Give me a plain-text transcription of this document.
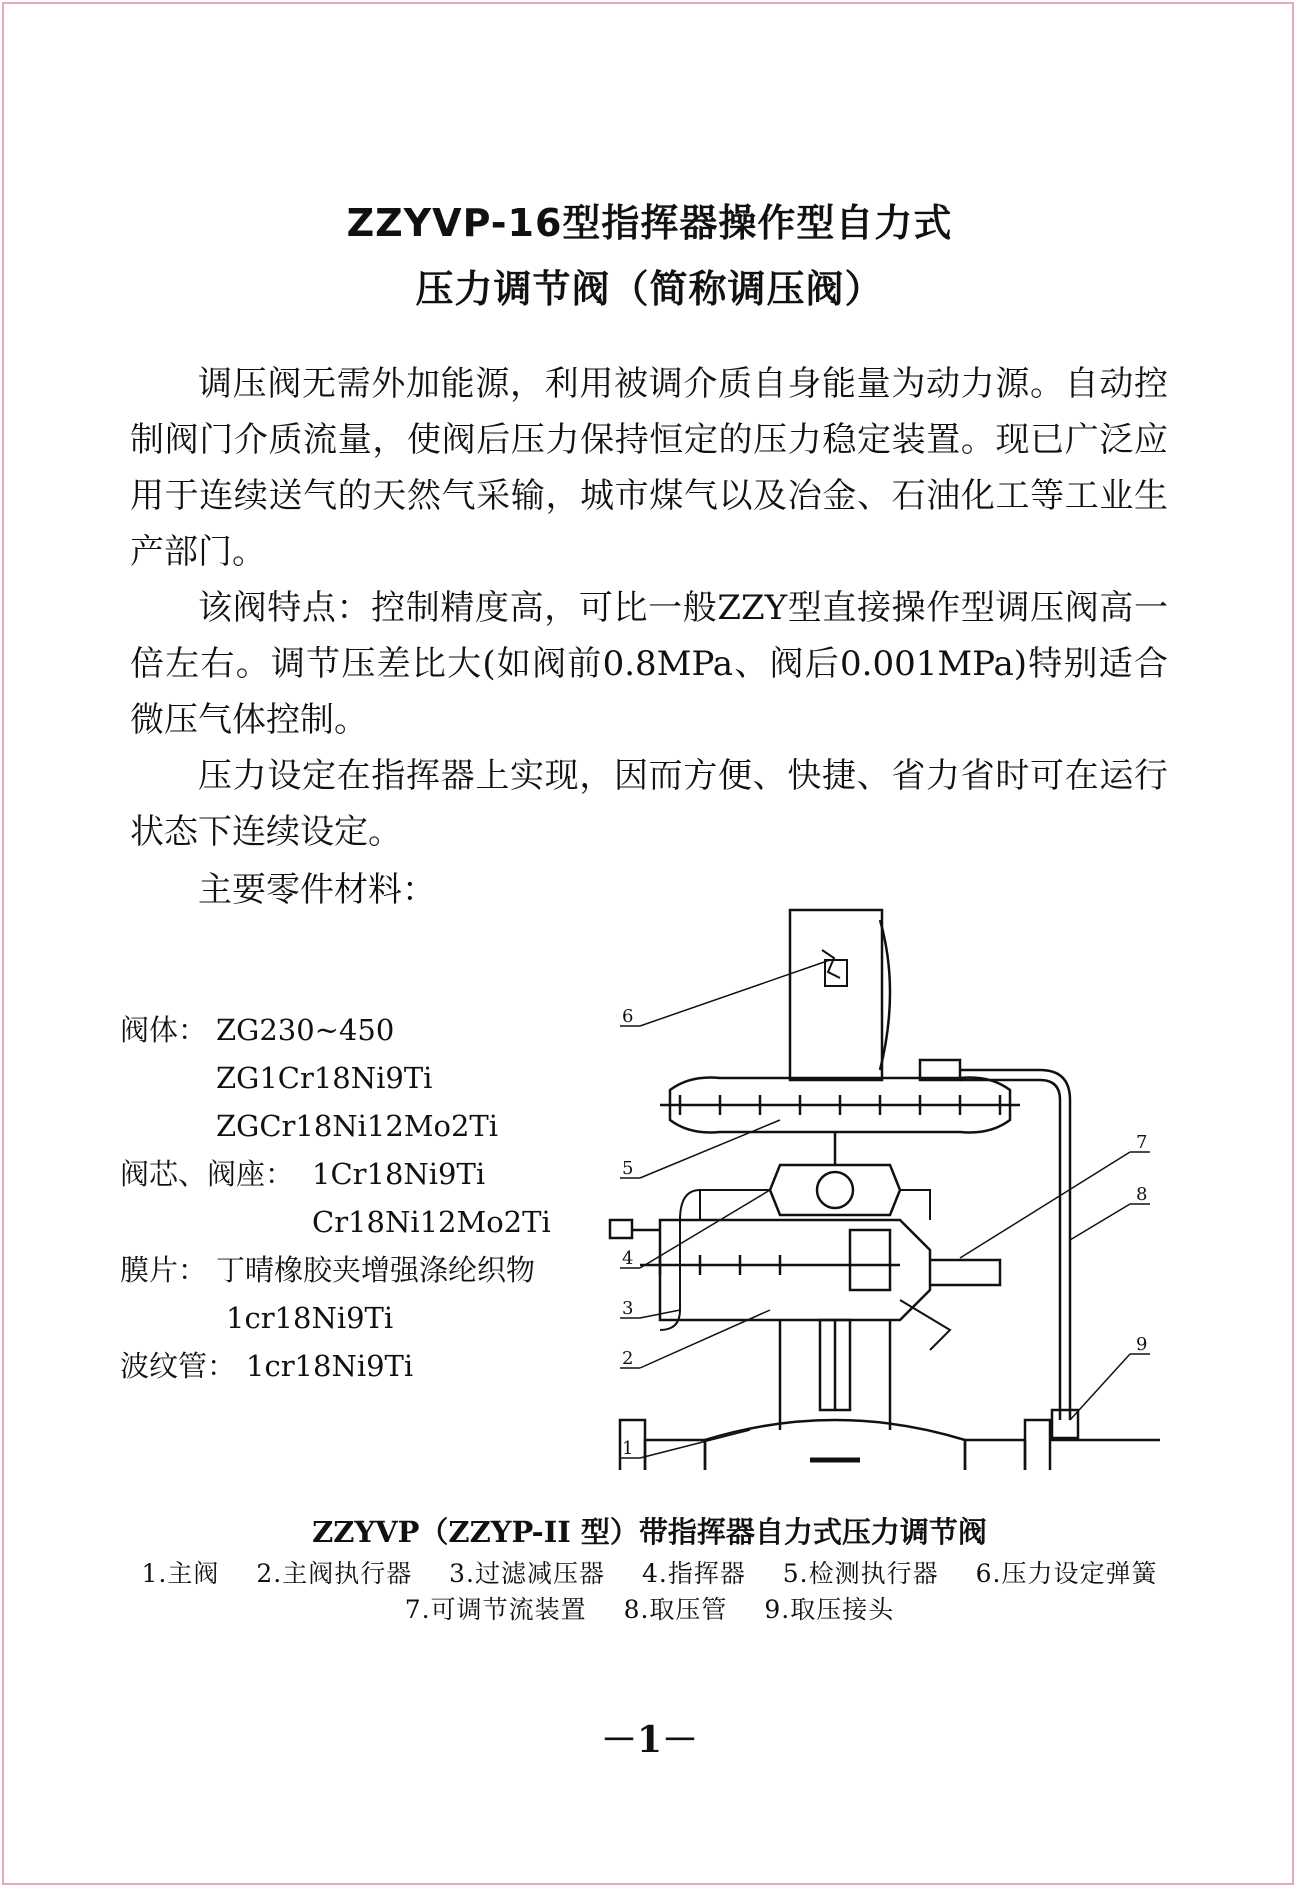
ZZYVP-16型指挥器操作型自力式
压力调节阀（简称调压阀）

调压阀无需外加能源，利用被调介质自身能量为动力源。自动控制阀门介质流量，使阀后压力保持恒定的压力稳定装置。现已广泛应用于连续送气的天然气采输，城市煤气以及冶金、石油化工等工业生产部门。

该阀特点：控制精度高，可比一般ZZY型直接操作型调压阀高一倍左右。调节压差比大(如阀前0.8MPa、阀后0.001MPa)特别适合微压气体控制。

压力设定在指挥器上实现，因而方便、快捷、省力省时可在运行状态下连续设定。

主要零件材料：

阀体： ZG230~450
ZG1Cr18Ni9Ti
ZGCr18Ni12Mo2Ti
阀芯、阀座： 1Cr18Ni9Ti
Cr18Ni12Mo2Ti
膜片： 丁晴橡胶夹增强涤纶织物
1cr18Ni9Ti
波纹管： 1cr18Ni9Ti
1
2
3
4
5
6
7
8
9
ZZYVP（ZZYP-II 型）带指挥器自力式压力调节阀
1.主阀 2.主阀执行器 3.过滤减压器 4.指挥器 5.检测执行器 6.压力设定弹簧
7.可调节流装置 8.取压管 9.取压接头
－1－
